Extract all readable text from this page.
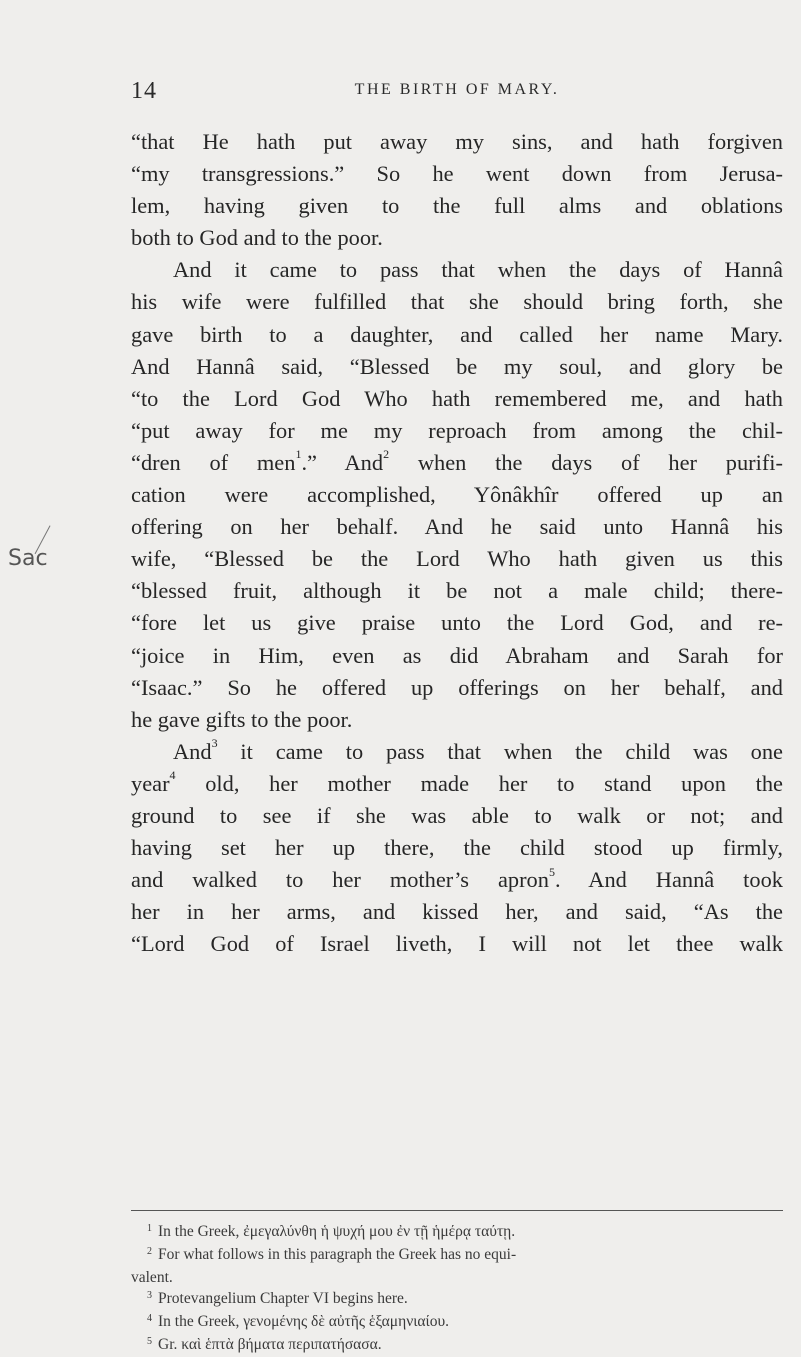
14	THE BIRTH OF MARY.
Sac
“that He hath put away my sins, and hath forgiven
“my transgressions.” So he went down from Jerusa-
lem, having given to the full alms and oblations
both to God and to the poor.
And it came to pass that when the days of Hannâ
his wife were fulfilled that she should bring forth, she
gave birth to a daughter, and called her name Mary.
And Hannâ said, “Blessed be my soul, and glory be
“to the Lord God Who hath remembered me, and hath
“put away for me my reproach from among the chil-
“dren of men$^1$.” And$^2$ when the days of her purifi-
cation were accomplished, Yônâkhîr offered up an
offering on her behalf. And he said unto Hannâ his
wife, “Blessed be the Lord Who hath given us this
“blessed fruit, although it be not a male child; there-
“fore let us give praise unto the Lord God, and re-
“joice in Him, even as did Abraham and Sarah for
“Isaac.” So he offered up offerings on her behalf, and
he gave gifts to the poor.
And$^3$ it came to pass that when the child was one
year$^4$ old, her mother made her to stand upon the
ground to see if she was able to walk or not; and
having set her up there, the child stood up firmly,
and walked to her mother’s apron$^5$. And Hannâ took
her in her arms, and kissed her, and said, “As the
“Lord God of Israel liveth, I will not let thee walk
$^1$ In the Greek, ἐμεγαλύνθη ἡ ψυχή μου ἐν τῇ ἡμέρᾳ ταύτῃ.
$^2$ For what follows in this paragraph the Greek has no equi-
valent.
$^3$ Protevangelium Chapter VI begins here.
$^4$ In the Greek, γενομένης δὲ αὐτῆς ἑξαμηνιαίου.
$^5$ Gr. καὶ ἑπτὰ βήματα περιπατήσασα.
